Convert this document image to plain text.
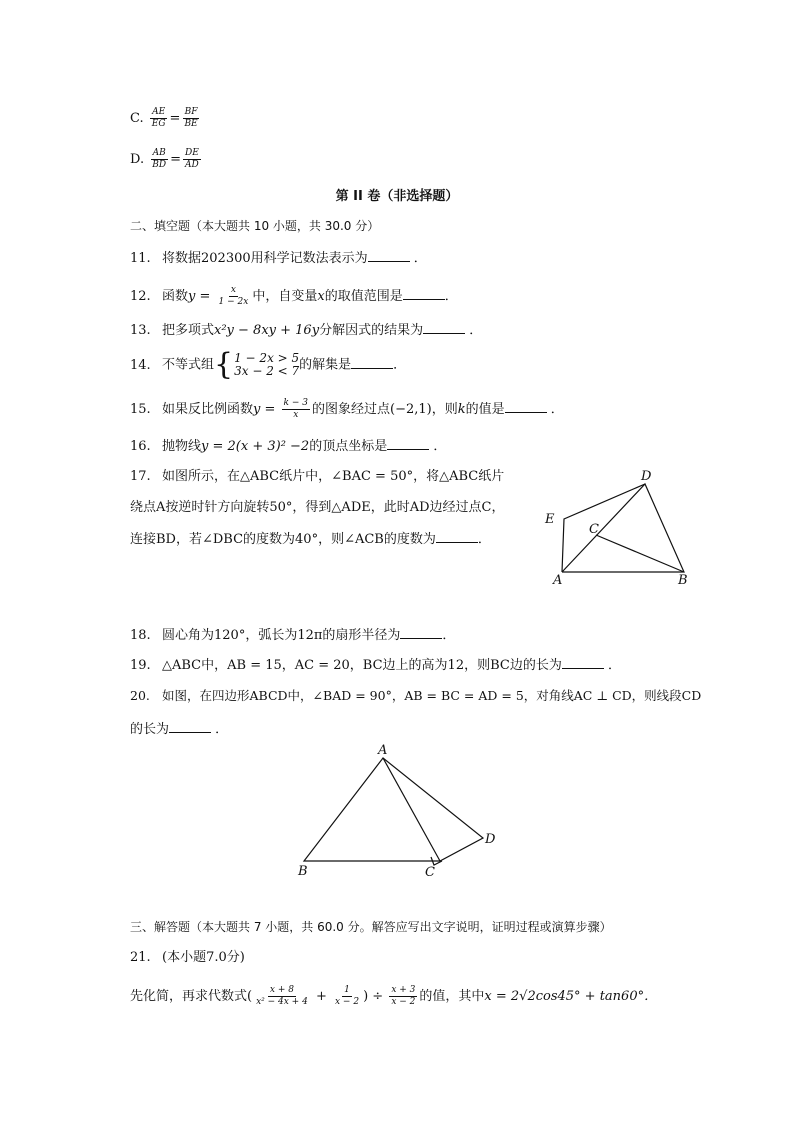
C. $\frac{AE}{EG} = \frac{BF}{BE}$
D. $\frac{AB}{BD} = \frac{DE}{AD}$
第 II 卷（非选择题）
二、填空题（本大题共 10 小题，共 30.0 分）
11. 将数据202300用科学记数法表示为	．
12. 函数$y = \frac{x}{1 - 2x}$ 中，自变量x的取值范围是	．
13. 把多项式x²y − 8xy + 16y分解因式的结果为	．
14. 不等式组 { 1 − 2x > 5
3x − 2 < 7 的解集是	．
15. 如果反比例函数$y = \frac{k - 3}{x}$ 的图象经过点(−2,1)，则k的值是	．
16. 抛物线y = 2(x + 3)² −2的顶点坐标是	．
17. 如图所示，在△ABC纸片中，∠BAC = 50°，将△ABC纸片
绕点A按逆时针方向旋转50°，得到△ADE，此时AD边经过点C，
连接BD，若∠DBC的度数为40°，则∠ACB的度数为	．
D
E
C
A	B
18. 圆心角为120°，弧长为12π的扇形半径为	．
19. △ABC中，AB = 15，AC = 20，BC边上的高为12，则BC边的长为	．
20. 如图，在四边形ABCD中，∠BAD = 90°，AB = BC = AD = 5，对角线AC ⊥ CD，则线段CD
的长为	．
A
B	C
D
三、解答题（本大题共 7 小题，共 60.0 分。解答应写出文字说明，证明过程或演算步骤）
21. (本小题7.0分)
先化简，再求代数式( $\frac{x + 8}{\text{x² − 4x + 4}} + \frac{1}{x - 2}$ ) ÷ $\frac{x + 3}{x - 2}$ 的值，其中x = 2√2cos45° + tan60°．
